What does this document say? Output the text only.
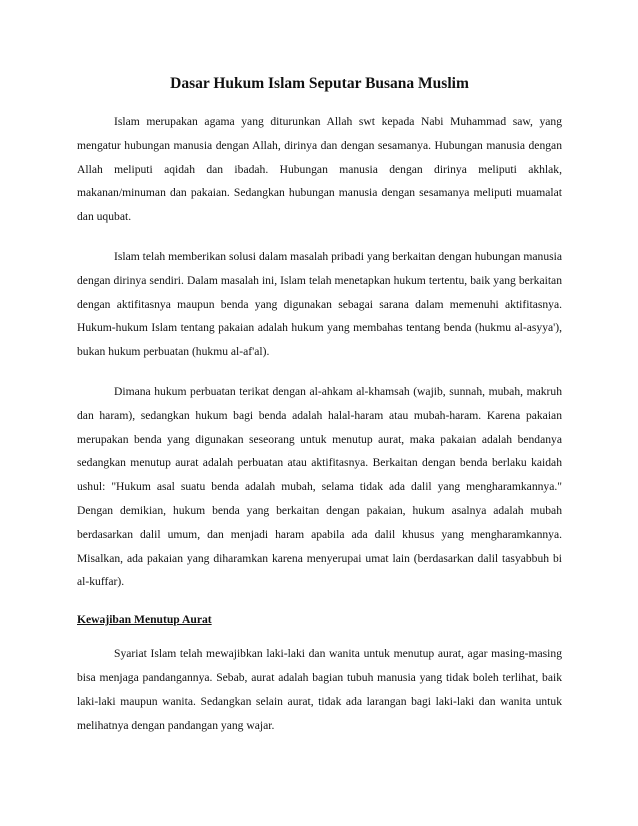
Dasar Hukum Islam Seputar Busana Muslim

Islam merupakan agama yang diturunkan Allah swt kepada Nabi Muhammad saw, yang mengatur hubungan manusia dengan Allah, dirinya dan dengan sesamanya. Hubungan manusia dengan Allah meliputi aqidah dan ibadah. Hubungan manusia dengan dirinya meliputi akhlak, makanan/minuman dan pakaian. Sedangkan hubungan manusia dengan sesamanya meliputi muamalat dan uqubat.

Islam telah memberikan solusi dalam masalah pribadi yang berkaitan dengan hubungan manusia dengan dirinya sendiri. Dalam masalah ini, Islam telah menetapkan hukum tertentu, baik yang berkaitan dengan aktifitasnya maupun benda yang digunakan sebagai sarana dalam memenuhi aktifitasnya. Hukum-hukum Islam tentang pakaian adalah hukum yang membahas tentang benda (hukmu al-asyya'), bukan hukum perbuatan (hukmu al-af'al).

Dimana hukum perbuatan terikat dengan al-ahkam al-khamsah (wajib, sunnah, mubah, makruh dan haram), sedangkan hukum bagi benda adalah halal-haram atau mubah-haram. Karena pakaian merupakan benda yang digunakan seseorang untuk menutup aurat, maka pakaian adalah bendanya sedangkan menutup aurat adalah perbuatan atau aktifitasnya. Berkaitan dengan benda berlaku kaidah ushul: "Hukum asal suatu benda adalah mubah, selama tidak ada dalil yang mengharamkannya." Dengan demikian, hukum benda yang berkaitan dengan pakaian, hukum asalnya adalah mubah berdasarkan dalil umum, dan menjadi haram apabila ada dalil khusus yang mengharamkannya. Misalkan, ada pakaian yang diharamkan karena menyerupai umat lain (berdasarkan dalil tasyabbuh bi al-kuffar).

Kewajiban Menutup Aurat

Syariat Islam telah mewajibkan laki-laki dan wanita untuk menutup aurat, agar masing-masing bisa menjaga pandangannya. Sebab, aurat adalah bagian tubuh manusia yang tidak boleh terlihat, baik laki-laki maupun wanita. Sedangkan selain aurat, tidak ada larangan bagi laki-laki dan wanita untuk melihatnya dengan pandangan yang wajar.
